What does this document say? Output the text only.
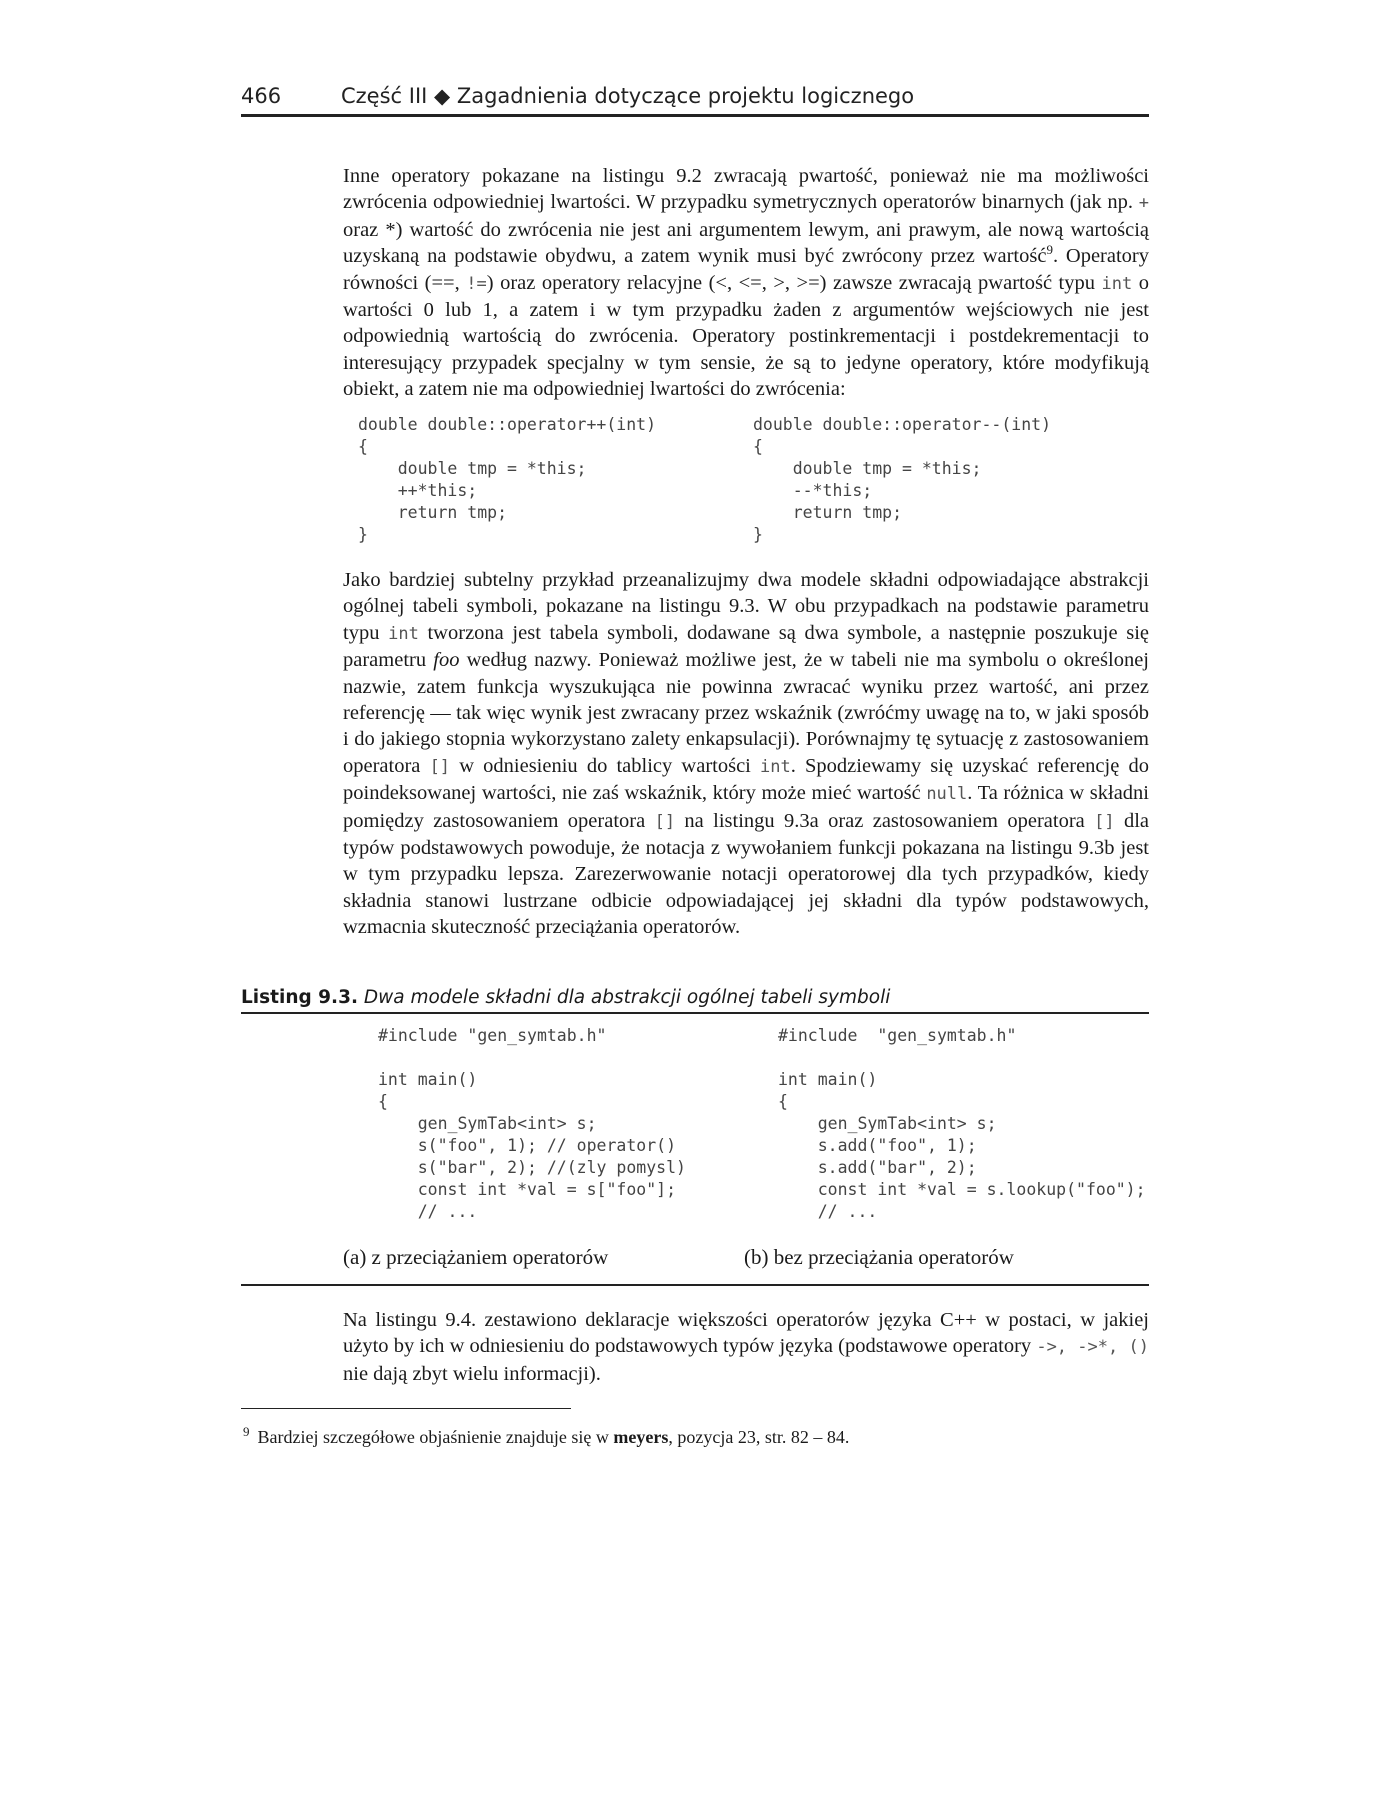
466	Część III ◆ Zagadnienia dotyczące projektu logicznego

Inne operatory pokazane na listingu 9.2 zwracają pwartość, ponieważ nie ma możliwości zwrócenia odpowiedniej lwartości. W przypadku symetrycznych operatorów binarnych (jak np. + oraz *) wartość do zwrócenia nie jest ani argumentem lewym, ani prawym, ale nową wartością uzyskaną na podstawie obydwu, a zatem wynik musi być zwrócony przez wartość$^9$. Operatory równości (==, !=) oraz operatory relacyjne (<, <=, >, >=) zawsze zwracają pwartość typu int o wartości 0 lub 1, a zatem i w tym przypadku żaden z argumentów wejściowych nie jest odpowiednią wartością do zwrócenia. Operatory postinkrementacji i postdekrementacji to interesujący przypadek specjalny w tym sensie, że są to jedyne operatory, które modyfikują obiekt, a zatem nie ma odpowiedniej lwartości do zwrócenia:

double double::operator++(int)
{
double tmp = *this;
++*this;
return tmp;
}
double double::operator--(int)
{
double tmp = *this;
--*this;
return tmp;
}

Jako bardziej subtelny przykład przeanalizujmy dwa modele składni odpowiadające abstrakcji ogólnej tabeli symboli, pokazane na listingu 9.3. W obu przypadkach na podstawie parametru typu int tworzona jest tabela symboli, dodawane są dwa symbole, a następnie poszukuje się parametru foo według nazwy. Ponieważ możliwe jest, że w tabeli nie ma symbolu o określonej nazwie, zatem funkcja wyszukująca nie powinna zwracać wyniku przez wartość, ani przez referencję — tak więc wynik jest zwracany przez wskaźnik (zwróćmy uwagę na to, w jaki sposób i do jakiego stopnia wykorzystano zalety enkapsulacji). Porównajmy tę sytuację z zastosowaniem operatora [] w odniesieniu do tablicy wartości int. Spodziewamy się uzyskać referencję do poindeksowanej wartości, nie zaś wskaźnik, który może mieć wartość null. Ta różnica w składni pomiędzy zastosowaniem operatora [] na listingu 9.3a oraz zastosowaniem operatora [] dla typów podstawowych powoduje, że notacja z wywołaniem funkcji pokazana na listingu 9.3b jest w tym przypadku lepsza. Zarezerwowanie notacji operatorowej dla tych przypadków, kiedy składnia stanowi lustrzane odbicie odpowiadającej jej składni dla typów podstawowych, wzmacnia skuteczność przeciążania operatorów.

Listing 9.3. Dwa modele składni dla abstrakcji ogólnej tabeli symboli
#include "gen_symtab.h"

int main()
{
gen_SymTab<int> s;
s("foo", 1); // operator()
s("bar", 2); //(zly pomysl)
const int *val = s["foo"];
// ...
#include  "gen_symtab.h"

int main()
{
gen_SymTab<int> s;
s.add("foo", 1);
s.add("bar", 2);
const int *val = s.lookup("foo");
// ...
(a) z przeciążaniem operatorów	(b) bez przeciążania operatorów

Na listingu 9.4. zestawiono deklaracje większości operatorów języka C++ w postaci, w jakiej użyto by ich w odniesieniu do podstawowych typów języka (podstawowe operatory ->, ->*, () nie dają zbyt wielu informacji).

$^9$ Bardziej szczegółowe objaśnienie znajduje się w meyers, pozycja 23, str. 82 – 84.
